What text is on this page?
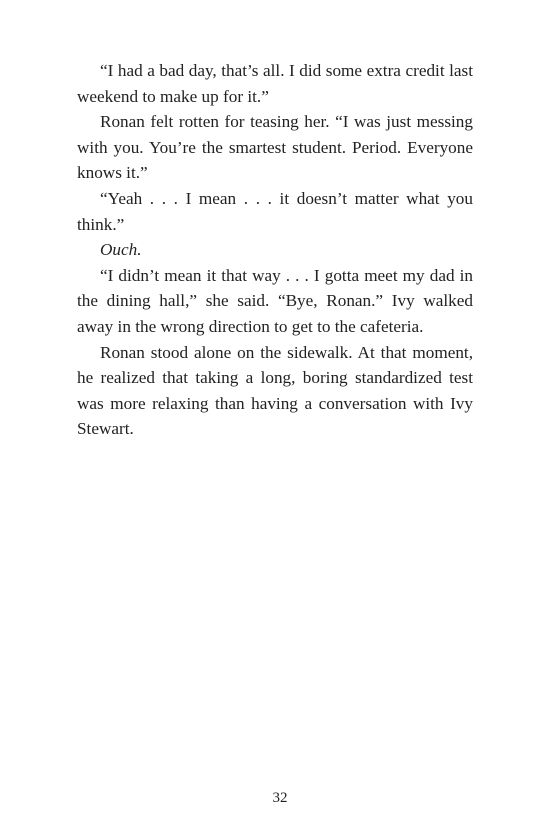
“I had a bad day, that’s all. I did some extra credit last weekend to make up for it.”

Ronan felt rotten for teasing her. “I was just messing with you. You’re the smartest student. Period. Everyone knows it.”

“Yeah . . . I mean . . . it doesn’t matter what you think.”

Ouch.

“I didn’t mean it that way . . . I gotta meet my dad in the dining hall,” she said. “Bye, Ronan.” Ivy walked away in the wrong direction to get to the cafeteria.

Ronan stood alone on the sidewalk. At that moment, he realized that taking a long, boring standardized test was more relaxing than having a conversation with Ivy Stewart.

32
